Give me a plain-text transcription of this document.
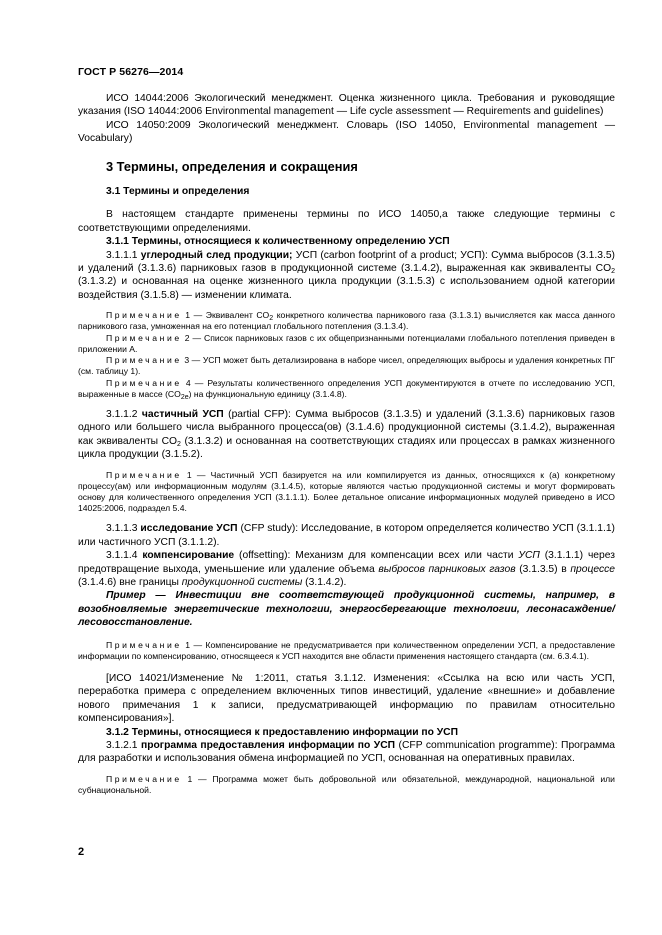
ГОСТ Р 56276—2014

ИСО 14044:2006 Экологический менеджмент. Оценка жизненного цикла. Требования и руководящие указания (ISO 14044:2006 Environmental management — Life cycle assessment — Requirements and guidelines)

ИСО 14050:2009 Экологический менеджмент. Словарь (ISO 14050, Environmental management — Vocabulary)

3 Термины, определения и сокращения
3.1 Термины и определения

В настоящем стандарте применены термины по ИСО 14050,а также следующие термины с соответствующими определениями.

3.1.1 Термины, относящиеся к количественному определению УСП

3.1.1.1 углеродный след продукции; УСП (carbon footprint of a product; УСП): Сумма выбросов (3.1.3.5) и удалений (3.1.3.6) парниковых газов в продукционной системе (3.1.4.2), выраженная как эквиваленты $CO_2$ (3.1.3.2) и основанная на оценке жизненного цикла продукции (3.1.5.3) с использованием одной категории воздействия (3.1.5.8) — изменении климата.

Примечание 1 — Эквивалент $CO_2$ конкретного количества парникового газа (3.1.3.1) вычисляется как масса данного парникового газа, умноженная на его потенциал глобального потепления (3.1.3.4).

Примечание 2 — Список парниковых газов с их общепризнанными потенциалами глобального потепления приведен в приложении А.

Примечание 3 — УСП может быть детализирована в наборе чисел, определяющих выбросы и удаления конкретных ПГ (см. таблицу 1).

Примечание 4 — Результаты количественного определения УСП документируются в отчете по исследованию УСП, выраженные в массе $(CO_{2e})$ на функциональную единицу (3.1.4.8).

3.1.1.2 частичный УСП (partial CFP): Сумма выбросов (3.1.3.5) и удалений (3.1.3.6) парниковых газов одного или большего числа выбранного процесса(ов) (3.1.4.6) продукционной системы (3.1.4.2), выраженная как эквиваленты $CO_2$ (3.1.3.2) и основанная на соответствующих стадиях или процессах в рамках жизненного цикла продукции (3.1.5.2).

Примечание 1 — Частичный УСП базируется на или компилируется из данных, относящихся к (а) конкретному процессу(ам) или информационным модулям (3.1.4.5), которые являются частью продукционной системы и могут формировать основу для количественного определения УСП (3.1.1.1). Более детальное описание информационных модулей приведено в ИСО 14025:2006, подраздел 5.4.

3.1.1.3 исследование УСП (CFP study): Исследование, в котором определяется количество УСП (3.1.1.1) или частичного УСП (3.1.1.2).

3.1.1.4 компенсирование (offsetting): Механизм для компенсации всех или части УСП (3.1.1.1) через предотвращение выхода, уменьшение или удаление объема выбросов парниковых газов (3.1.3.5) в процессе (3.1.4.6) вне границы продукционной системы (3.1.4.2).

Пример — Инвестиции вне соответствующей продукционной системы, например, в возобновляемые энергетические технологии, энергосберегающие технологии, лесонасаждение/лесовосстановление.

Примечание 1 — Компенсирование не предусматривается при количественном определении УСП, а предоставление информации по компенсированию, относящееся к УСП находится вне области применения настоящего стандарта (см. 6.3.4.1).

[ИСО 14021/Изменение № 1:2011, статья 3.1.12. Изменения: «Ссылка на всю или часть УСП, переработка примера с определением включенных типов инвестиций, удаление «внешние» и добавление нового примечания 1 к записи, предусматривающей информацию по правилам относительно компенсирования»].

3.1.2 Термины, относящиеся к предоставлению информации по УСП

3.1.2.1 программа предоставления информации по УСП (CFP communication programme): Программа для разработки и использования обмена информацией по УСП, основанная на оперативных правилах.

Примечание 1 — Программа может быть добровольной или обязательной, международной, национальной или субнациональной.

2
